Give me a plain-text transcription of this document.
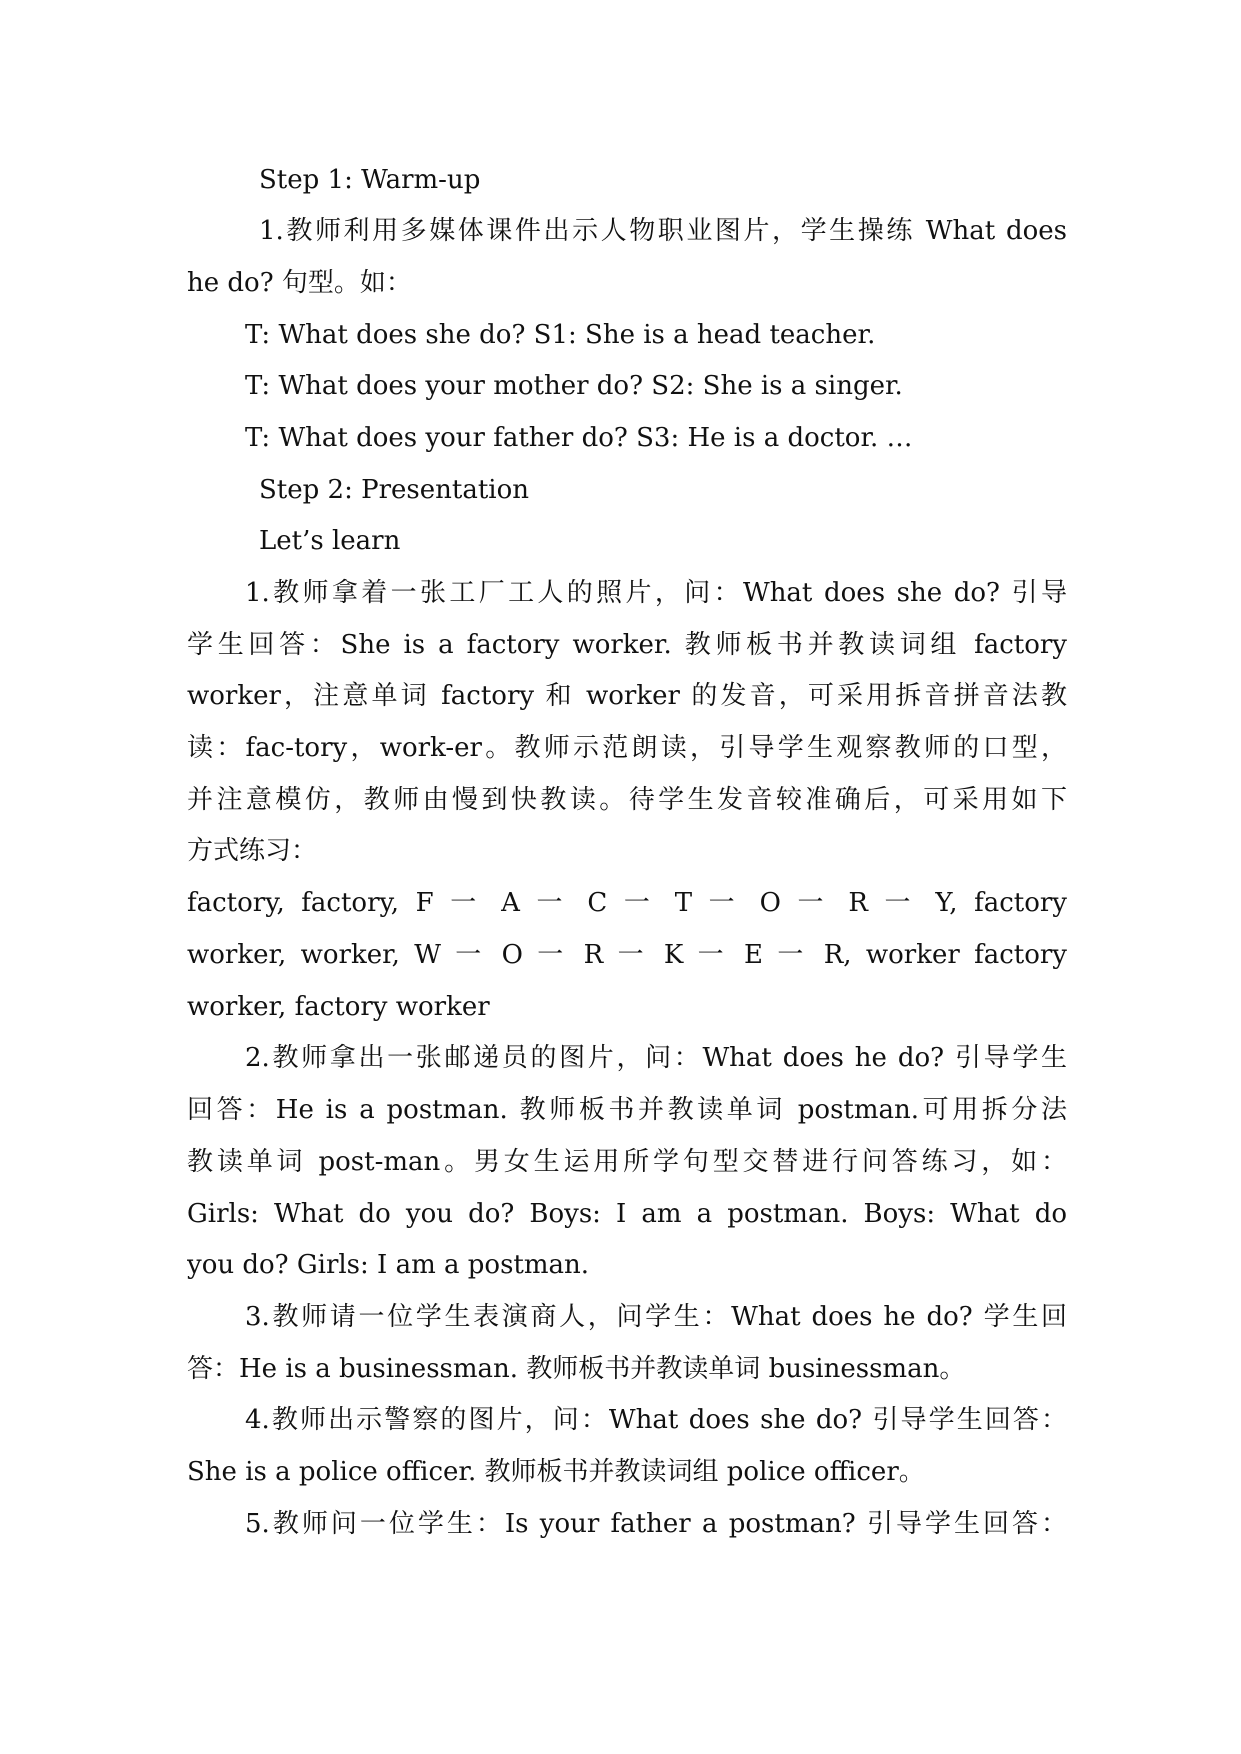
Step 1: Warm-up
1.教师利用多媒体课件出示人物职业图片，学生操练 What does
he do? 句型。如：
T: What does she do? S1: She is a head teacher.
T: What does your mother do? S2: She is a singer.
T: What does your father do? S3: He is a doctor. …
Step 2: Presentation
Let’s learn
1.教师拿着一张工厂工人的照片，问：What does she do? 引导
学生回答：She is a factory worker. 教师板书并教读词组 factory
worker，注意单词 factory 和 worker 的发音，可采用拆音拼音法教
读：fac-tory，work-er。教师示范朗读，引导学生观察教师的口型，
并注意模仿，教师由慢到快教读。待学生发音较准确后，可采用如下
方式练习：
factory, factory, F 一 A 一 C 一 T 一 O 一 R 一 Y, factory
worker, worker, W 一 O 一 R 一 K 一 E 一 R, worker factory
worker, factory worker
2.教师拿出一张邮递员的图片，问：What does he do? 引导学生
回答：He is a postman. 教师板书并教读单词 postman.可用拆分法
教读单词 post-man。男女生运用所学句型交替进行问答练习，如：
Girls: What do you do? Boys: I am a postman. Boys: What do
you do? Girls: I am a postman.
3.教师请一位学生表演商人，问学生：What does he do? 学生回
答：He is a businessman. 教师板书并教读单词 businessman。
4.教师出示警察的图片，问：What does she do? 引导学生回答：
She is a police officer. 教师板书并教读词组 police officer。
5.教师问一位学生：Is your father a postman? 引导学生回答：
